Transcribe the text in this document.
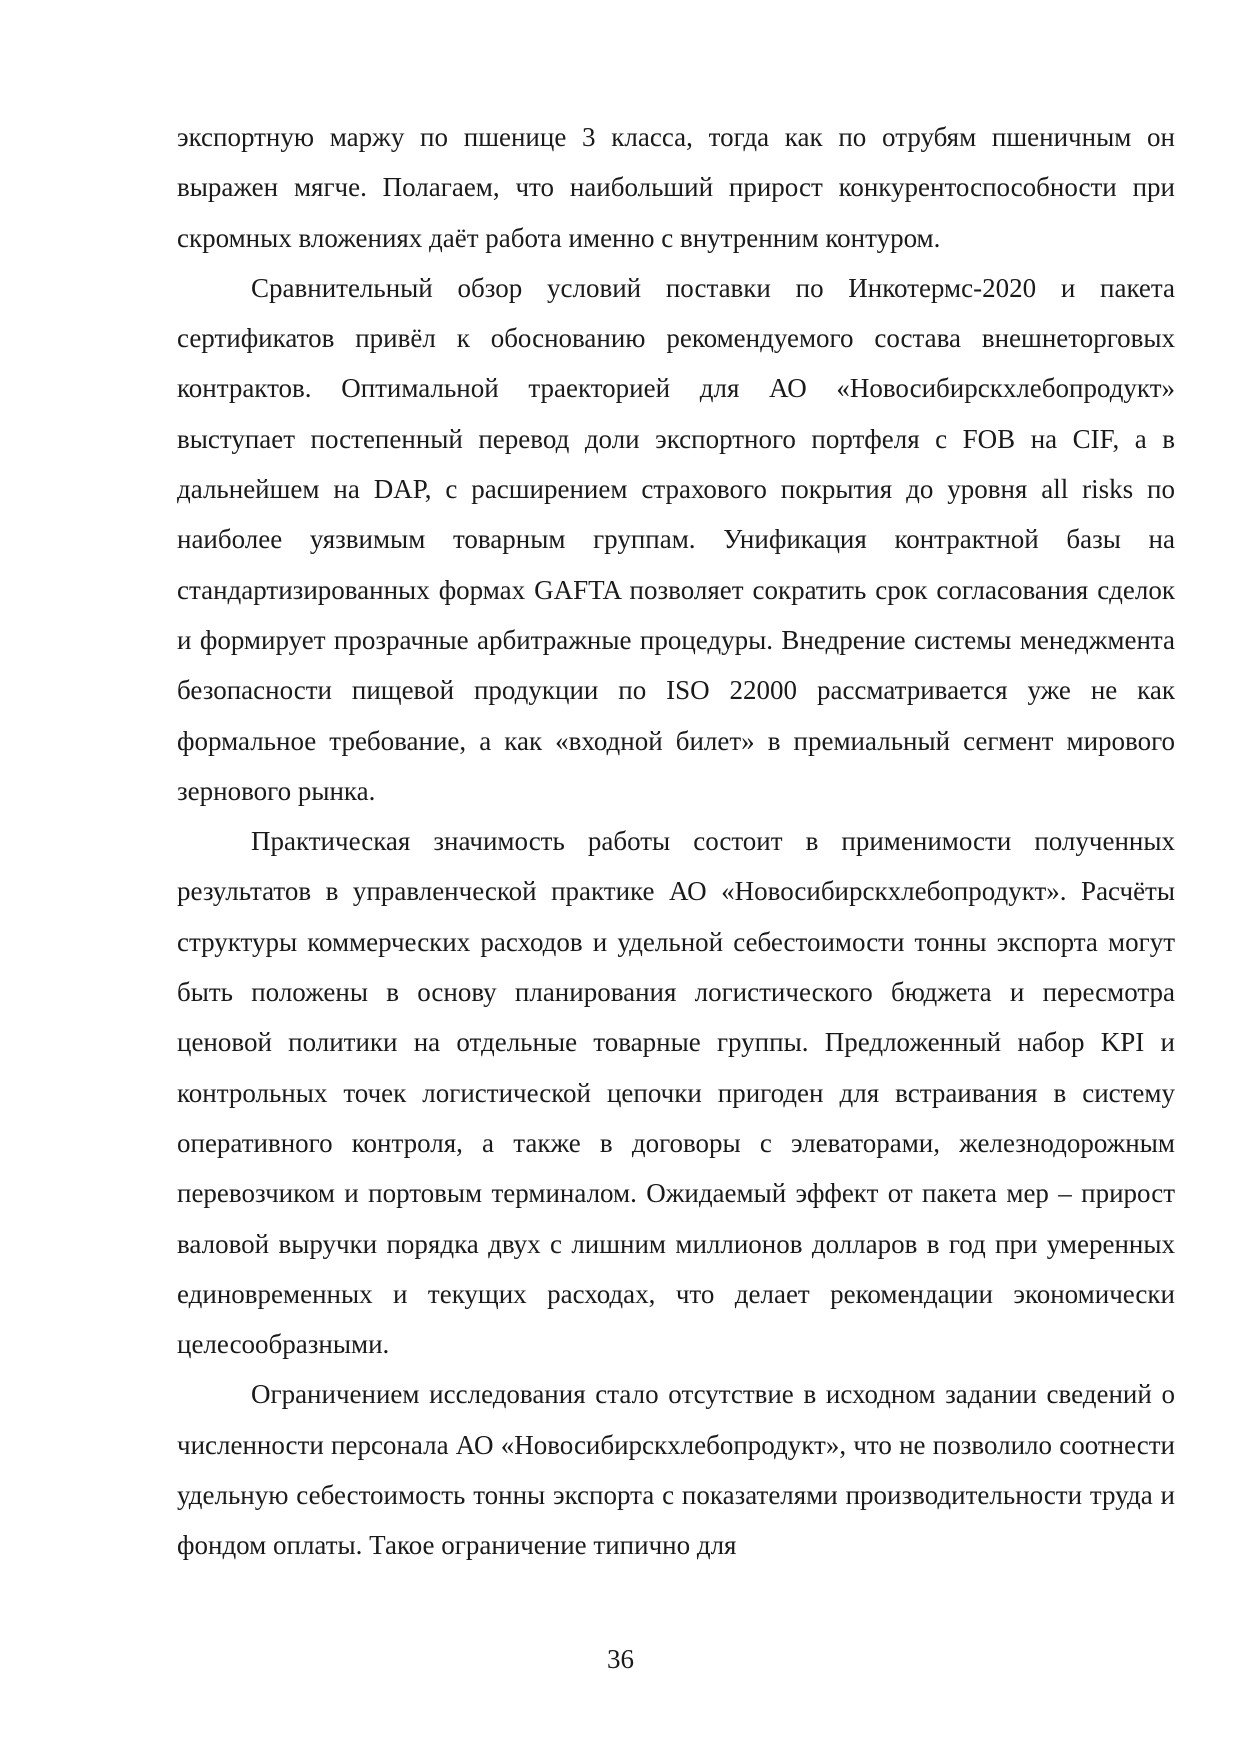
экспортную маржу по пшенице 3 класса, тогда как по отрубям пшеничным он выражен мягче. Полагаем, что наибольший прирост конкурентоспособности при скромных вложениях даёт работа именно с внутренним контуром.

Сравнительный обзор условий поставки по Инкотермс-2020 и пакета сертификатов привёл к обоснованию рекомендуемого состава внешнеторговых контрактов. Оптимальной траекторией для АО «Новосибирскхлебопродукт» выступает постепенный перевод доли экспортного портфеля с FOB на CIF, а в дальнейшем на DAP, с расширением страхового покрытия до уровня all risks по наиболее уязвимым товарным группам. Унификация контрактной базы на стандартизированных формах GAFTA позволяет сократить срок согласования сделок и формирует прозрачные арбитражные процедуры. Внедрение системы менеджмента безопасности пищевой продукции по ISO 22000 рассматривается уже не как формальное требование, а как «входной билет» в премиальный сегмент мирового зернового рынка.

Практическая значимость работы состоит в применимости полученных результатов в управленческой практике АО «Новосибирскхлебопродукт». Расчёты структуры коммерческих расходов и удельной себестоимости тонны экспорта могут быть положены в основу планирования логистического бюджета и пересмотра ценовой политики на отдельные товарные группы. Предложенный набор KPI и контрольных точек логистической цепочки пригоден для встраивания в систему оперативного контроля, а также в договоры с элеваторами, железнодорожным перевозчиком и портовым терминалом. Ожидаемый эффект от пакета мер – прирост валовой выручки порядка двух с лишним миллионов долларов в год при умеренных единовременных и текущих расходах, что делает рекомендации экономически целесообразными.

Ограничением исследования стало отсутствие в исходном задании сведений о численности персонала АО «Новосибирскхлебопродукт», что не позволило соотнести удельную себестоимость тонны экспорта с показателями производительности труда и фондом оплаты. Такое ограничение типично для

36
